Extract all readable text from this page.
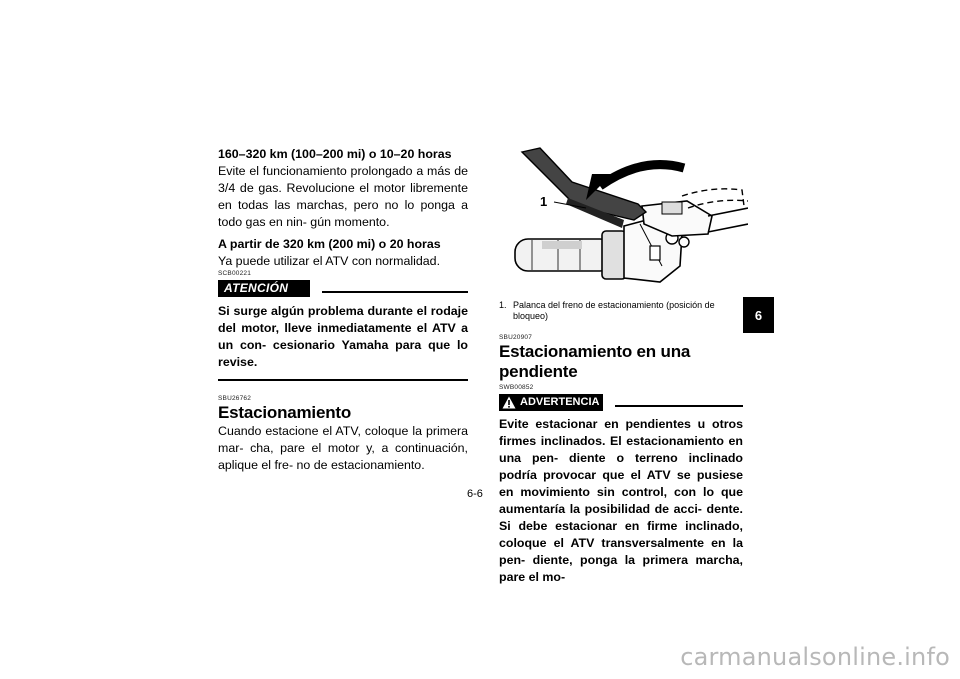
160–320 km (100–200 mi) o 10–20 horas

Evite el funcionamiento prolongado a más de 3/4 de gas. Revolucione el motor libremente en todas las marchas, pero no lo ponga a todo gas en nin- gún momento.

A partir de 320 km (200 mi) o 20 horas

Ya puede utilizar el ATV con normalidad.

SCB00221

ATENCIÓN

Si surge algún problema durante el rodaje del motor, lleve inmediatamente el ATV a un con- cesionario Yamaha para que lo revise.

SBU26762

Estacionamiento

Cuando estacione el ATV, coloque la primera mar- cha, pare el motor y, a continuación, aplique el fre- no de estacionamiento.

1
1. Palanca del freno de estacionamiento (posición de bloqueo)

SBU20907

Estacionamiento en una pendiente

SWB00852

ADVERTENCIA

Evite estacionar en pendientes u otros firmes inclinados. El estacionamiento en una pen- diente o terreno inclinado podría provocar que el ATV se pusiese en movimiento sin control, con lo que aumentaría la posibilidad de acci- dente. Si debe estacionar en firme inclinado, coloque el ATV transversalmente en la pen- diente, ponga la primera marcha, pare el mo-

6
6-6
carmanualsonline.info
